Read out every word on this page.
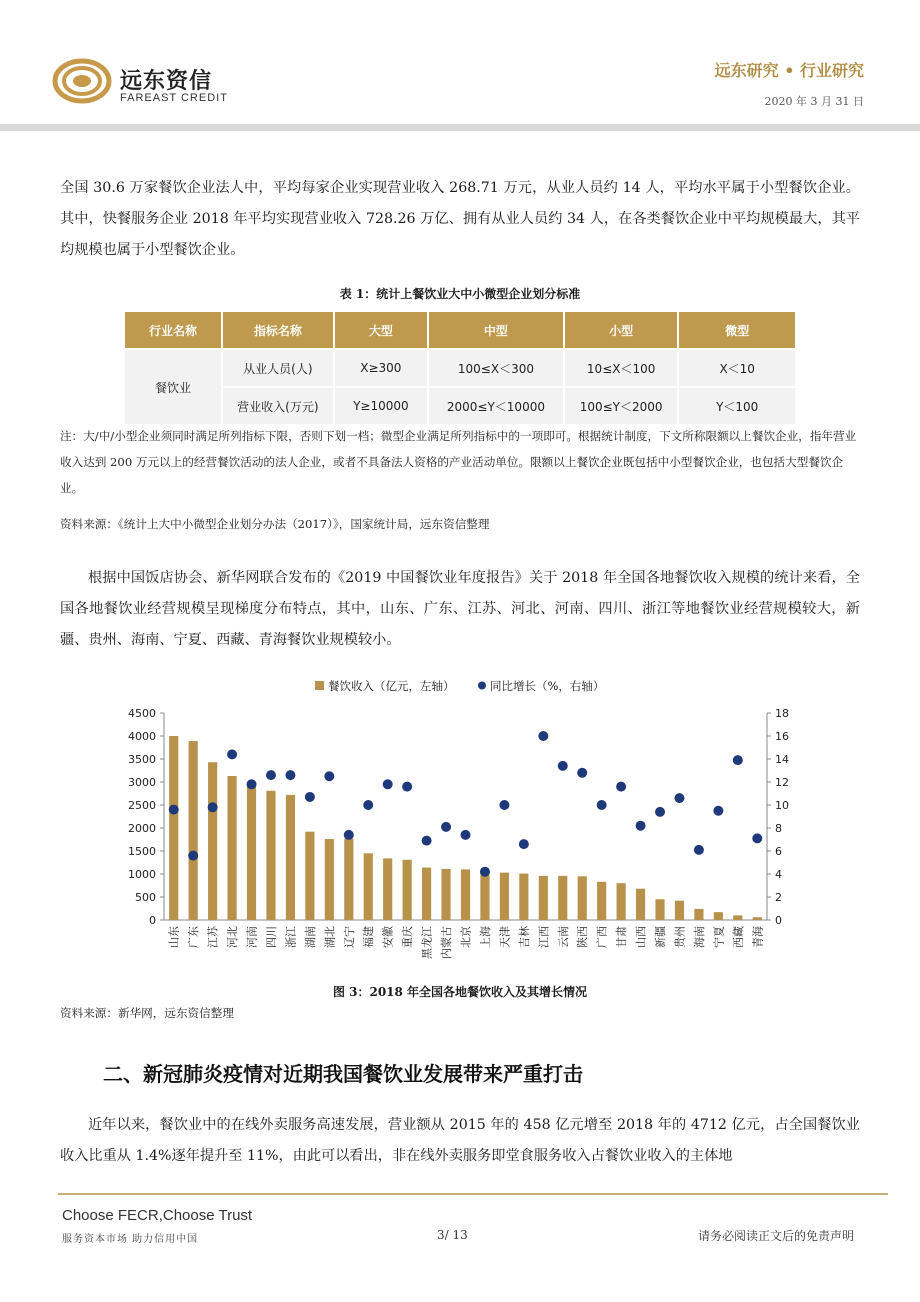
远东资信
FAREAST CREDIT
远东研究 • 行业研究
2020 年 3 月 31 日
全国 30.6 万家餐饮企业法人中，平均每家企业实现营业收入 268.71 万元，从业人员约 14 人，平均水平属于小型餐饮企业。其中，快餐服务企业 2018 年平均实现营业收入 728.26 万亿、拥有从业人员约 34 人，在各类餐饮企业中平均规模最大，其平均规模也属于小型餐饮企业。
表 1：统计上餐饮业大中小微型企业划分标准
行业名称	指标名称	大型	中型	小型	微型
餐饮业	从业人员(人)	X≥300	100≤X＜300	10≤X＜100	X＜10
	营业收入(万元)	Y≥10000	2000≤Y＜10000	100≤Y＜2000	Y＜100
注：大/中/小型企业须同时满足所列指标下限，否则下划一档；微型企业满足所列指标中的一项即可。根据统计制度，下文所称限额以上餐饮企业，指年营业收入达到 200 万元以上的经营餐饮活动的法人企业，或者不具备法人资格的产业活动单位。限额以上餐饮企业既包括中小型餐饮企业，也包括大型餐饮企业。
资料来源：《统计上大中小微型企业划分办法（2017）》，国家统计局，远东资信整理
根据中国饭店协会、新华网联合发布的《2019 中国餐饮业年度报告》关于 2018 年全国各地餐饮收入规模的统计来看，全国各地餐饮业经营规模呈现梯度分布特点，其中，山东、广东、江苏、河北、河南、四川、浙江等地餐饮业经营规模较大，新疆、贵州、海南、宁夏、西藏、青海餐饮业规模较小。
餐饮收入（亿元，左轴）	同比增长（%，右轴）
0
500
1000
1500
2000
2500
3000
3500
4000
4500
0
2
4
6
8
10
12
14
16
18
山东 广东 江苏 河北 河南 四川 浙江 湖南 湖北 辽宁 福建 安徽 重庆 黑龙江 内蒙古 北京 上海 天津 吉林 江西 云南 陕西 广西 甘肃 山西 新疆 贵州 海南 宁夏 西藏 青海
图 3：2018 年全国各地餐饮收入及其增长情况
资料来源：新华网，远东资信整理
二、新冠肺炎疫情对近期我国餐饮业发展带来严重打击
近年以来，餐饮业中的在线外卖服务高速发展，营业额从 2015 年的 458 亿元增至 2018 年的 4712 亿元，占全国餐饮业收入比重从 1.4%逐年提升至 11%，由此可以看出，非在线外卖服务即堂食服务收入占餐饮业收入的主体地
Choose FECR,Choose Trust
服务资本市场 助力信用中国	3/ 13	请务必阅读正文后的免责声明
